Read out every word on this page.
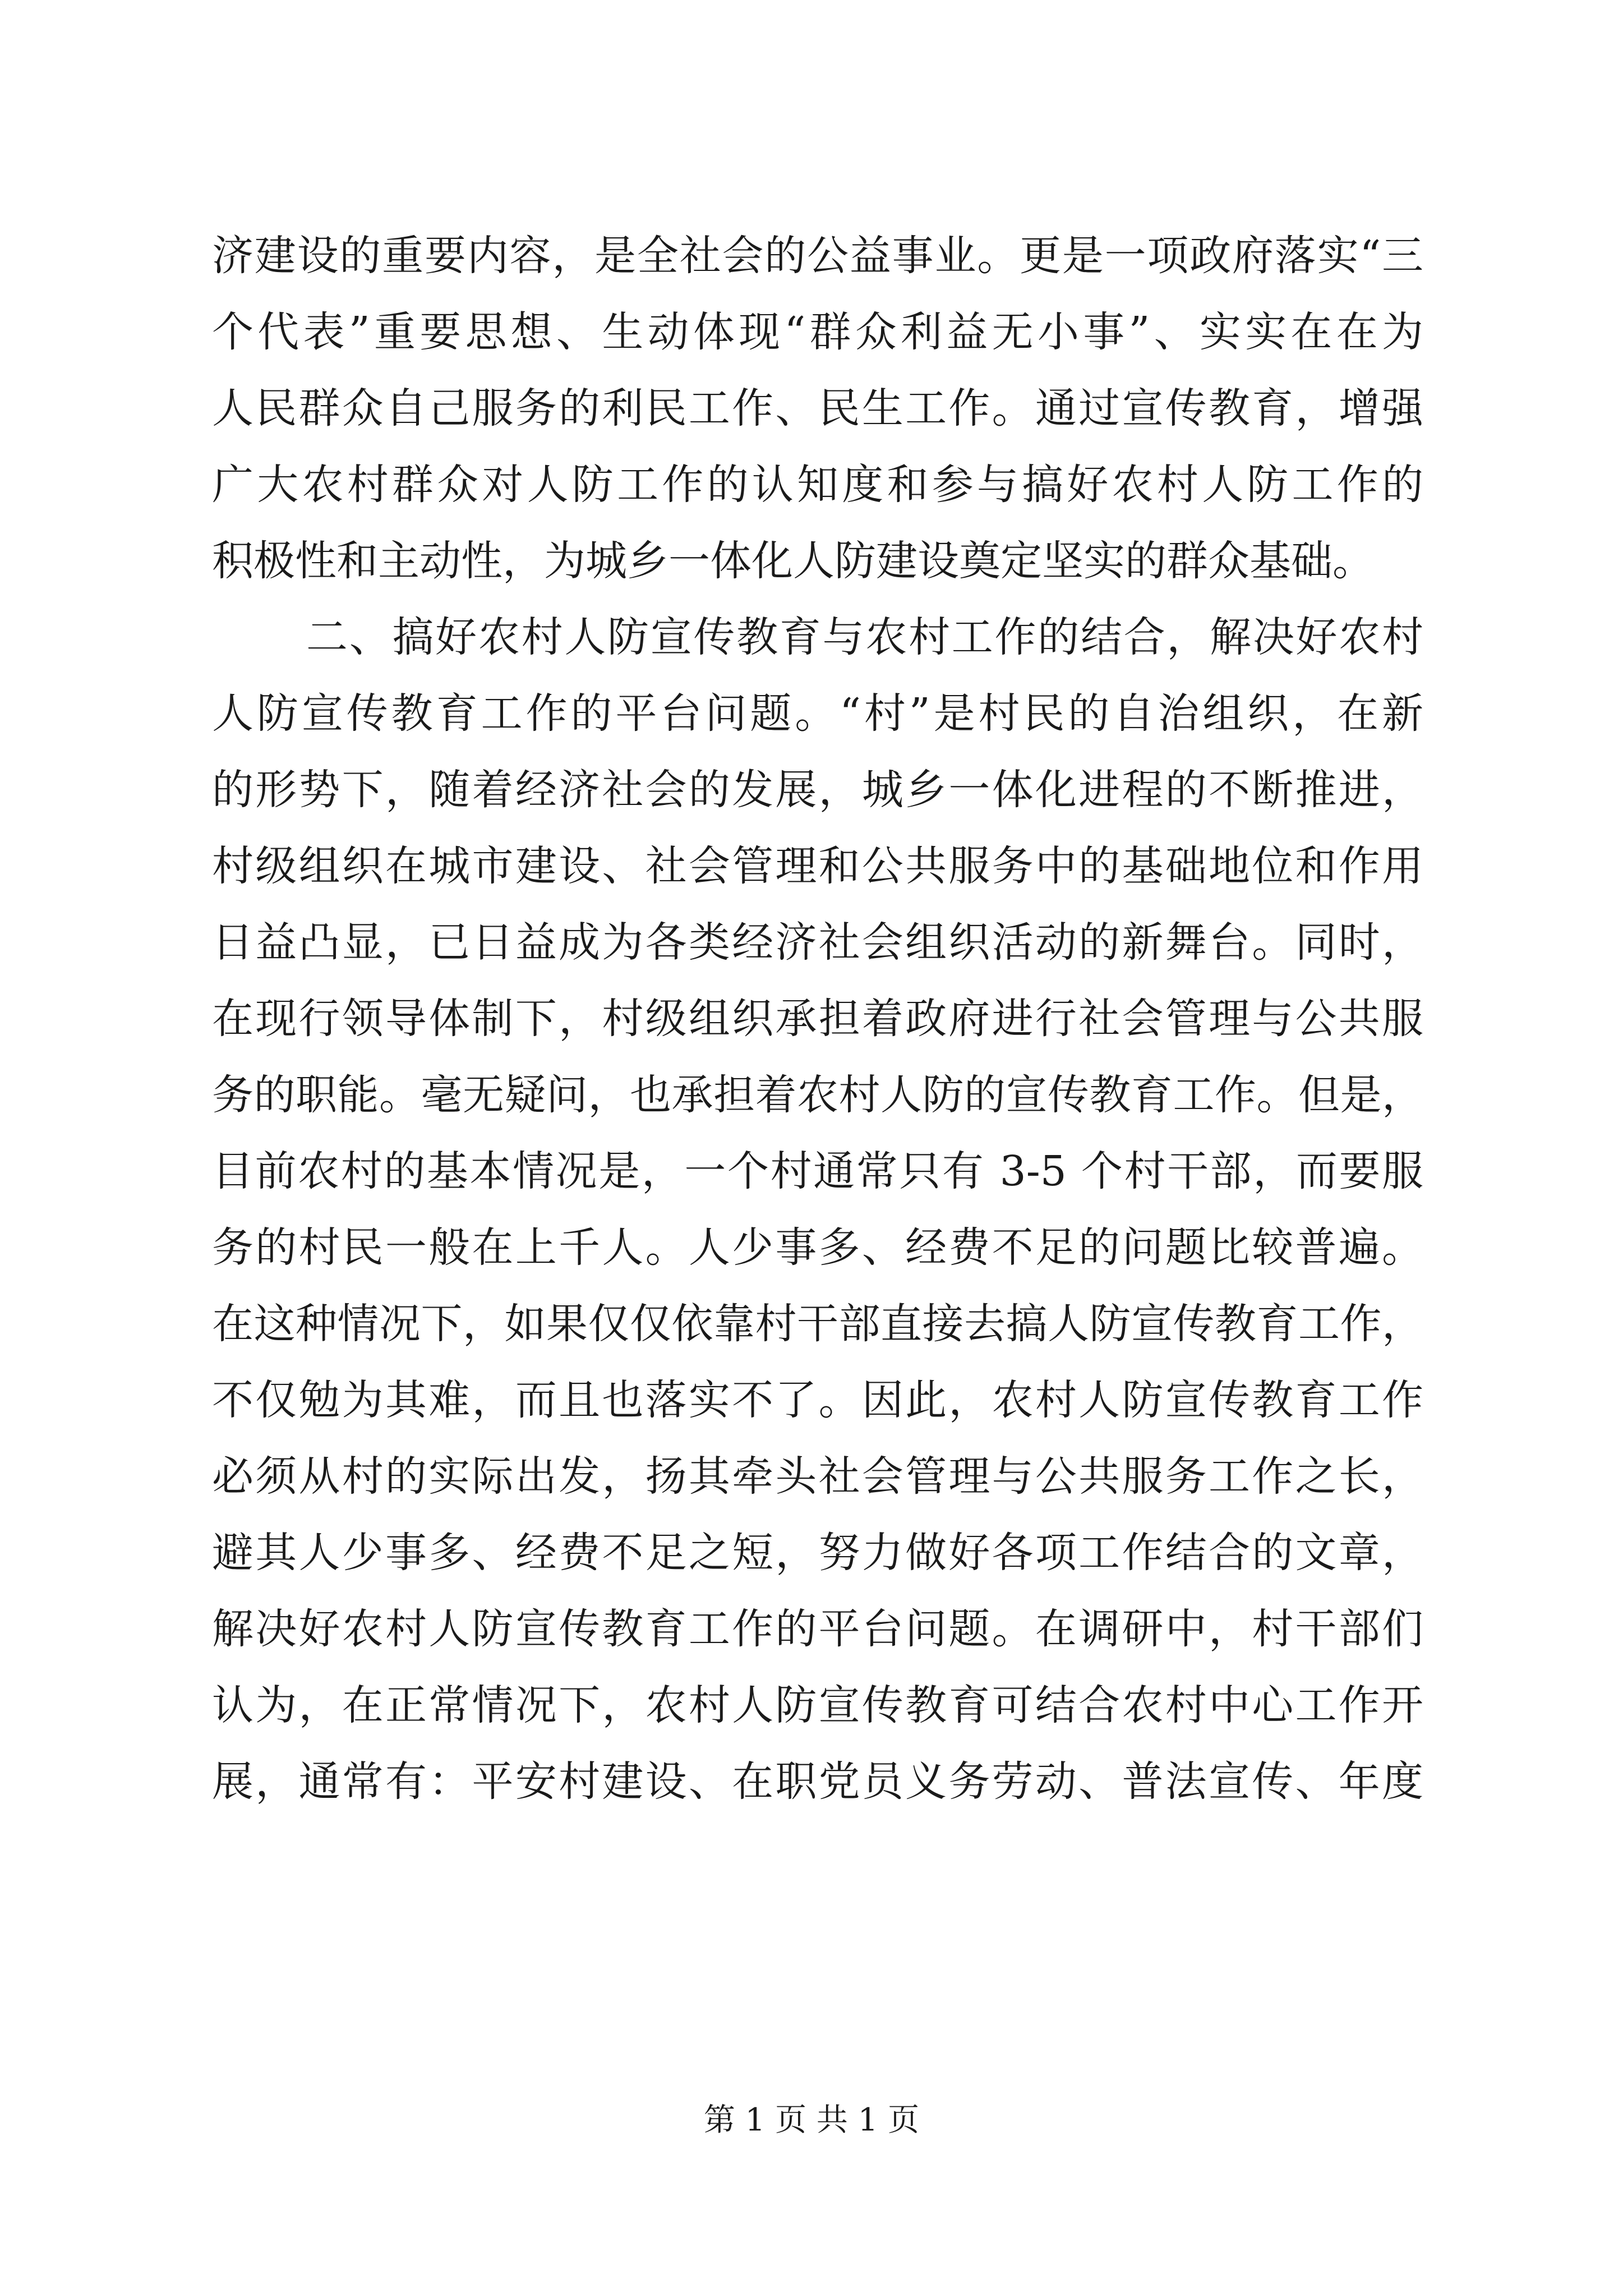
济建设的重要内容，是全社会的公益事业。更是一项政府落实“三
个代表”重要思想、生动体现“群众利益无小事”、实实在在为
人民群众自己服务的利民工作、民生工作。通过宣传教育，增强
广大农村群众对人防工作的认知度和参与搞好农村人防工作的
积极性和主动性，为城乡一体化人防建设奠定坚实的群众基础。
二、搞好农村人防宣传教育与农村工作的结合，解决好农村
人防宣传教育工作的平台问题。“村”是村民的自治组织，在新
的形势下，随着经济社会的发展，城乡一体化进程的不断推进，
村级组织在城市建设、社会管理和公共服务中的基础地位和作用
日益凸显，已日益成为各类经济社会组织活动的新舞台。同时，
在现行领导体制下，村级组织承担着政府进行社会管理与公共服
务的职能。毫无疑问，也承担着农村人防的宣传教育工作。但是，
目前农村的基本情况是，一个村通常只有 3-5 个村干部，而要服
务的村民一般在上千人。人少事多、经费不足的问题比较普遍。
在这种情况下，如果仅仅依靠村干部直接去搞人防宣传教育工作，
不仅勉为其难，而且也落实不了。因此，农村人防宣传教育工作
必须从村的实际出发，扬其牵头社会管理与公共服务工作之长，
避其人少事多、经费不足之短，努力做好各项工作结合的文章，
解决好农村人防宣传教育工作的平台问题。在调研中，村干部们
认为，在正常情况下，农村人防宣传教育可结合农村中心工作开
展，通常有：平安村建设、在职党员义务劳动、普法宣传、年度
第 1 页 共 1 页
